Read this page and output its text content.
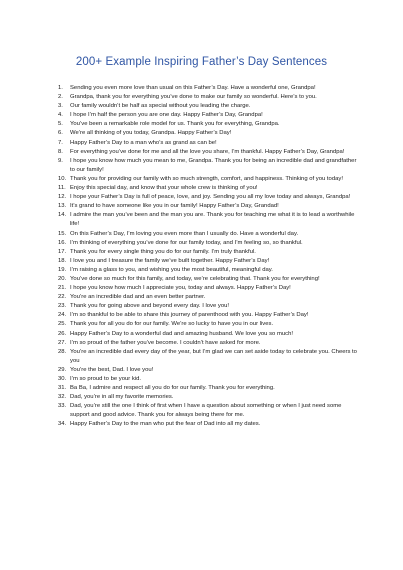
200+ Example Inspiring Father’s Day Sentences
1. Sending you even more love than usual on this Father’s Day. Have a wonderful one, Grandpa!
2. Grandpa, thank you for everything you’ve done to make our family so wonderful. Here’s to you.
3. Our family wouldn’t be half as special without you leading the charge.
4. I hope I’m half the person you are one day. Happy Father’s Day, Grandpa!
5. You’ve been a remarkable role model for us. Thank you for everything, Grandpa.
6. We’re all thinking of you today, Grandpa. Happy Father’s Day!
7. Happy Father’s Day to a man who’s as grand as can be!
8. For everything you’ve done for me and all the love you share, I’m thankful. Happy Father’s Day, Grandpa!
9. I hope you know how much you mean to me, Grandpa. Thank you for being an incredible dad and grandfather to our family!
10. Thank you for providing our family with so much strength, comfort, and happiness. Thinking of you today!
11. Enjoy this special day, and know that your whole crew is thinking of you!
12. I hope your Father’s Day is full of peace, love, and joy. Sending you all my love today and always, Grandpa!
13. It’s grand to have someone like you in our family! Happy Father’s Day, Grandad!
14. I admire the man you’ve been and the man you are. Thank you for teaching me what it is to lead a worthwhile life!
15. On this Father’s Day, I’m loving you even more than I usually do. Have a wonderful day.
16. I’m thinking of everything you’ve done for our family today, and I’m feeling so, so thankful.
17. Thank you for every single thing you do for our family. I’m truly thankful.
18. I love you and I treasure the family we’ve built together. Happy Father’s Day!
19. I’m raising a glass to you, and wishing you the most beautiful, meaningful day.
20. You’ve done so much for this family, and today, we’re celebrating that. Thank you for everything!
21. I hope you know how much I appreciate you, today and always. Happy Father’s Day!
22. You’re an incredible dad and an even better partner.
23. Thank you for going above and beyond every day. I love you!
24. I’m so thankful to be able to share this journey of parenthood with you. Happy Father’s Day!
25. Thank you for all you do for our family. We’re so lucky to have you in our lives.
26. Happy Father’s Day to a wonderful dad and amazing husband. We love you so much!
27. I’m so proud of the father you’ve become. I couldn’t have asked for more.
28. You’re an incredible dad every day of the year, but I’m glad we can set aside today to celebrate you. Cheers to you
29. You’re the best, Dad. I love you!
30. I’m so proud to be your kid.
31. Ba Ba, I admire and respect all you do for our family. Thank you for everything.
32. Dad, you’re in all my favorite memories.
33. Dad, you’re still the one I think of first when I have a question about something or when I just need some support and good advice. Thank you for always being there for me.
34. Happy Father’s Day to the man who put the fear of Dad into all my dates.
